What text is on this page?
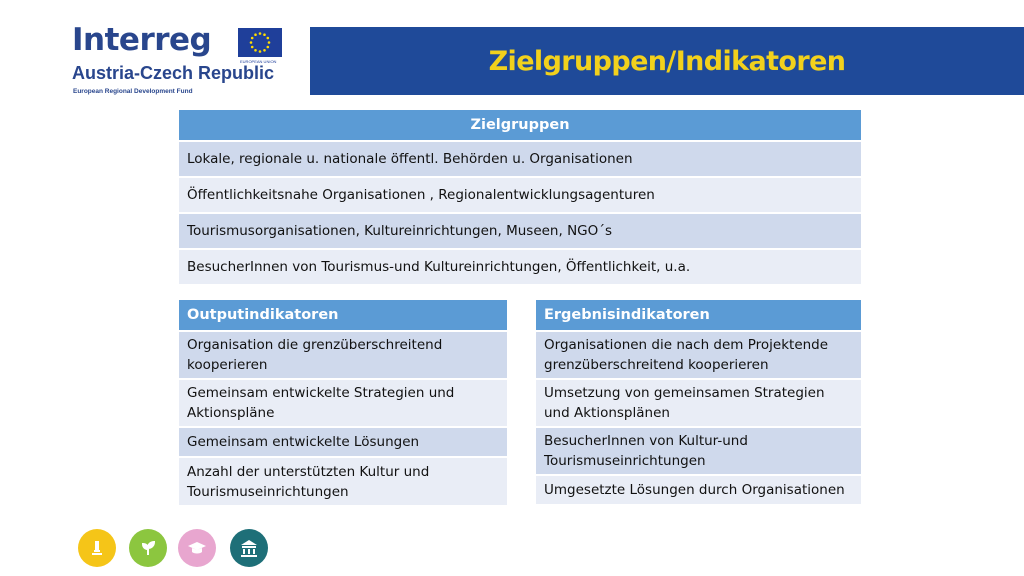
Interreg
EUROPEAN UNION
Austria-Czech Republic
European Regional Development Fund
Zielgruppen/Indikatoren
Zielgruppen
Lokale, regionale u. nationale öffentl. Behörden u. Organisationen
Öffentlichkeitsnahe Organisationen , Regionalentwicklungsagenturen
Tourismusorganisationen, Kultureinrichtungen, Museen, NGO´s
BesucherInnen von Tourismus-und Kultureinrichtungen, Öffentlichkeit, u.a.
Outputindikatoren
Organisation die grenzüberschreitend kooperieren
Gemeinsam entwickelte Strategien und Aktionspläne
Gemeinsam entwickelte Lösungen
Anzahl der unterstützten Kultur und Tourismuseinrichtungen
Ergebnisindikatoren
Organisationen die nach dem Projektende grenzüberschreitend kooperieren
Umsetzung von gemeinsamen Strategien und Aktionsplänen
BesucherInnen von Kultur-und Tourismuseinrichtungen
Umgesetzte Lösungen durch Organisationen
